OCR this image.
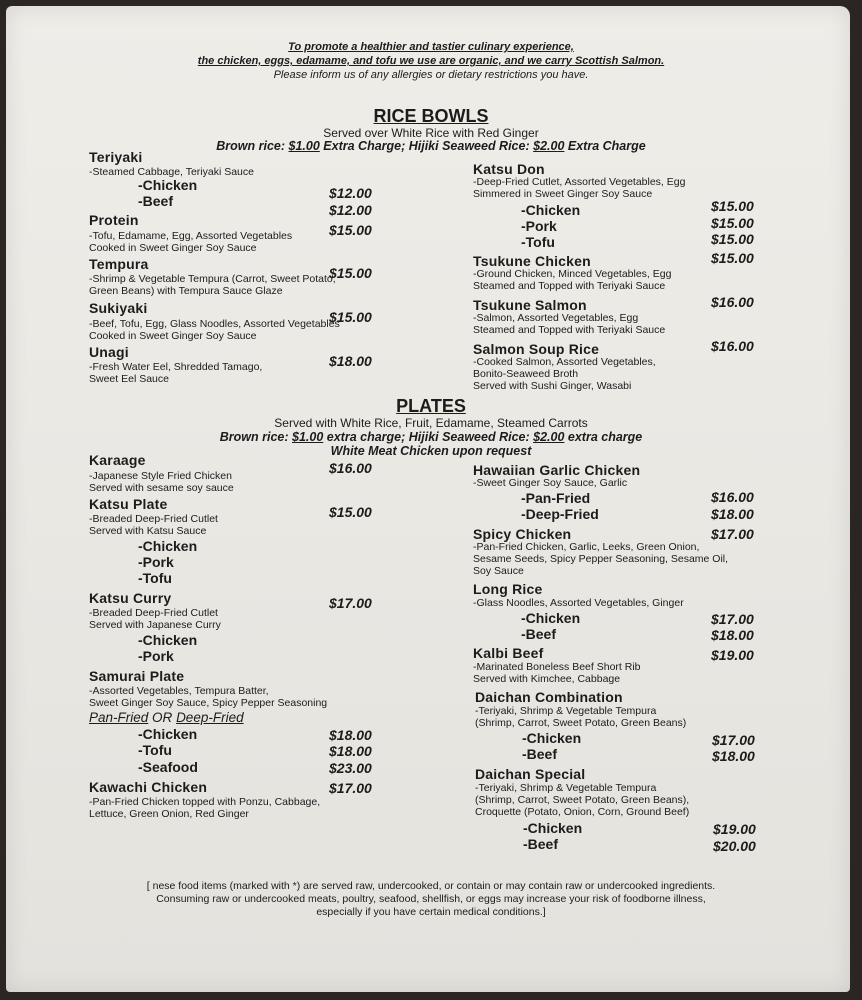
To promote a healthier and tastier culinary experience,
the chicken, eggs, edamame, and tofu we use are organic, and we carry Scottish Salmon.
Please inform us of any allergies or dietary restrictions you have.
RICE BOWLS
Served over White Rice with Red Ginger
Brown rice: $1.00 Extra Charge; Hijiki Seaweed Rice: $2.00 Extra Charge
Teriyaki
-Steamed Cabbage, Teriyaki Sauce
-Chicken
-Beef	$12.00
$12.00
Protein
-Tofu, Edamame, Egg, Assorted Vegetables
Cooked in Sweet Ginger Soy Sauce
$15.00
Tempura
-Shrimp & Vegetable Tempura (Carrot, Sweet Potato,
Green Beans) with Tempura Sauce Glaze
$15.00
Sukiyaki
-Beef, Tofu, Egg, Glass Noodles, Assorted Vegetables
Cooked in Sweet Ginger Soy Sauce
$15.00
Unagi
-Fresh Water Eel, Shredded Tamago,
Sweet Eel Sauce
$18.00
Katsu Don
-Deep-Fried Cutlet, Assorted Vegetables, Egg
Simmered in Sweet Ginger Soy Sauce
-Chicken
-Pork
-Tofu
$15.00
$15.00
$15.00
Tsukune Chicken
-Ground Chicken, Minced Vegetables, Egg
Steamed and Topped with Teriyaki Sauce
$15.00
Tsukune Salmon
-Salmon, Assorted Vegetables, Egg
Steamed and Topped with Teriyaki Sauce
$16.00
Salmon Soup Rice
-Cooked Salmon, Assorted Vegetables,
Bonito-Seaweed Broth
Served with Sushi Ginger, Wasabi
$16.00
PLATES
Served with White Rice, Fruit, Edamame, Steamed Carrots
Brown rice: $1.00 extra charge; Hijiki Seaweed Rice: $2.00 extra charge
White Meat Chicken upon request
Karaage
-Japanese Style Fried Chicken
Served with sesame soy sauce
$16.00
Katsu Plate
-Breaded Deep-Fried Cutlet
Served with Katsu Sauce
-Chicken
-Pork
-Tofu
$15.00
Katsu Curry
-Breaded Deep-Fried Cutlet
Served with Japanese Curry
-Chicken
-Pork
$17.00
Samurai Plate
-Assorted Vegetables, Tempura Batter,
Sweet Ginger Soy Sauce, Spicy Pepper Seasoning
Pan-Fried OR Deep-Fried
-Chicken
-Tofu
-Seafood
$18.00
$18.00
$23.00
Kawachi Chicken
-Pan-Fried Chicken topped with Ponzu, Cabbage,
Lettuce, Green Onion, Red Ginger
$17.00
Hawaiian Garlic Chicken
-Sweet Ginger Soy Sauce, Garlic
-Pan-Fried
-Deep-Fried
$16.00
$18.00
Spicy Chicken
-Pan-Fried Chicken, Garlic, Leeks, Green Onion,
Sesame Seeds, Spicy Pepper Seasoning, Sesame Oil,
Soy Sauce
$17.00
Long Rice
-Glass Noodles, Assorted Vegetables, Ginger
-Chicken
-Beef
$17.00
$18.00
Kalbi Beef
-Marinated Boneless Beef Short Rib
Served with Kimchee, Cabbage
$19.00
Daichan Combination
-Teriyaki, Shrimp & Vegetable Tempura
(Shrimp, Carrot, Sweet Potato, Green Beans)
-Chicken
-Beef
$17.00
$18.00
Daichan Special
-Teriyaki, Shrimp & Vegetable Tempura
(Shrimp, Carrot, Sweet Potato, Green Beans),
Croquette (Potato, Onion, Corn, Ground Beef)
-Chicken
-Beef
$19.00
$20.00
[ nese food items (marked with *) are served raw, undercooked, or contain or may contain raw or undercooked ingredients.
Consuming raw or undercooked meats, poultry, seafood, shellfish, or eggs may increase your risk of foodborne illness,
especially if you have certain medical conditions.]
